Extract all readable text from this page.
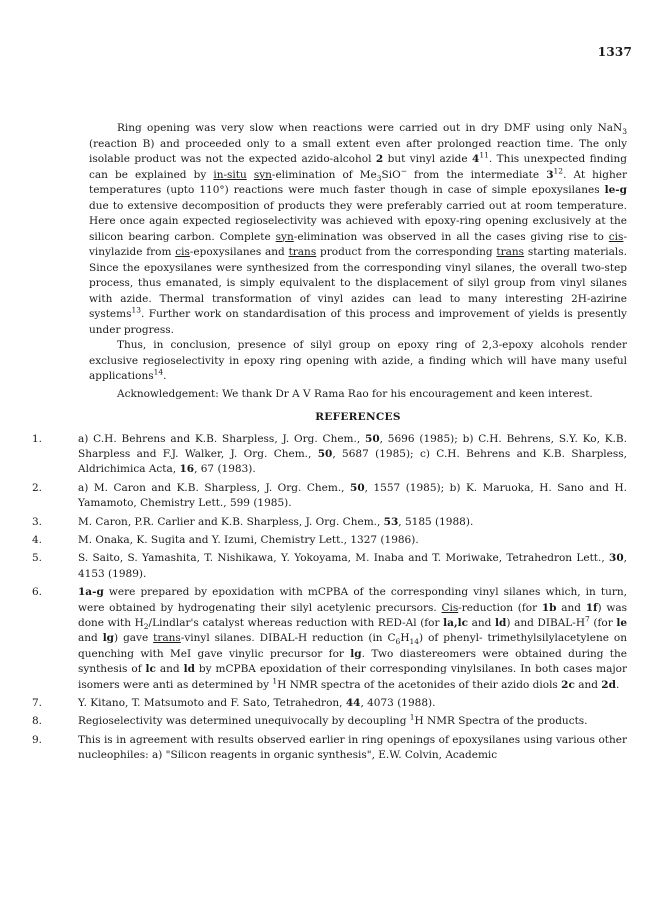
1337

Ring opening was very slow when reactions were carried out in dry DMF using only NaN$_3$ (reaction B) and proceeded only to a small extent even after prolonged reaction time. The only isolable product was not the expected azido-alcohol 2 but vinyl azide $4^{11}$. This unexpected finding can be explained by in-situ syn-elimination of $Me_3SiO^-$ from the intermediate $3^{12}$. At higher temperatures (upto 110°) reactions were much faster though in case of simple epoxysilanes le-g due to extensive decomposition of products they were preferably carried out at room temperature. Here once again expected regioselectivity was achieved with epoxy-ring opening exclusively at the silicon bearing carbon. Complete syn-elimination was observed in all the cases giving rise to cis-vinylazide from cis-epoxysilanes and trans product from the corresponding trans starting materials. Since the epoxysilanes were synthesized from the corresponding vinyl silanes, the overall two-step process, thus emanated, is simply equivalent to the displacement of silyl group from vinyl silanes with azide. Thermal transformation of vinyl azides can lead to many interesting 2H-azirine systems$^{13}$. Further work on standardisation of this process and improvement of yields is presently under progress.

Thus, in conclusion, presence of silyl group on epoxy ring of 2,3-epoxy alcohols render exclusive regioselectivity in epoxy ring opening with azide, a finding which will have many useful applications$^{14}$.

Acknowledgement: We thank Dr A V Rama Rao for his encouragement and keen interest.

REFERENCES
1.	a) C.H. Behrens and K.B. Sharpless, J. Org. Chem., 50, 5696 (1985); b) C.H. Behrens, S.Y. Ko, K.B. Sharpless and F.J. Walker, J. Org. Chem., 50, 5687 (1985); c) C.H. Behrens and K.B. Sharpless, Aldrichimica Acta, 16, 67 (1983).
2.	a) M. Caron and K.B. Sharpless, J. Org. Chem., 50, 1557 (1985); b) K. Maruoka, H. Sano and H. Yamamoto, Chemistry Lett., 599 (1985).
3.	M. Caron, P.R. Carlier and K.B. Sharpless, J. Org. Chem., 53, 5185 (1988).
4.	M. Onaka, K. Sugita and Y. Izumi, Chemistry Lett., 1327 (1986).
5.	S. Saito, S. Yamashita, T. Nishikawa, Y. Yokoyama, M. Inaba and T. Moriwake, Tetrahedron Lett., 30, 4153 (1989).
6.	1a-g were prepared by epoxidation with mCPBA of the corresponding vinyl silanes which, in turn, were obtained by hydrogenating their silyl acetylenic precursors. Cis-reduction (for 1b and 1f) was done with $H_2/Lindlar's$ catalyst whereas reduction with RED-Al (for la,lc and ld) and DIBAL-$H^7$ (for le and lg) gave trans-vinyl silanes. DIBAL-H reduction (in $C_6H_{14}$) of phenyl- trimethylsilylacetylene on quenching with MeI gave vinylic precursor for lg. Two diastereomers were obtained during the synthesis of lc and ld by mCPBA epoxidation of their corresponding vinylsilanes. In both cases major isomers were anti as determined by $^1$H NMR spectra of the acetonides of their azido diols 2c and 2d.
7.	Y. Kitano, T. Matsumoto and F. Sato, Tetrahedron, 44, 4073 (1988).
8.	Regioselectivity was determined unequivocally by decoupling $^1$H NMR Spectra of the products.
9.	This is in agreement with results observed earlier in ring openings of epoxysilanes using various other nucleophiles: a) "Silicon reagents in organic synthesis", E.W. Colvin, Academic
